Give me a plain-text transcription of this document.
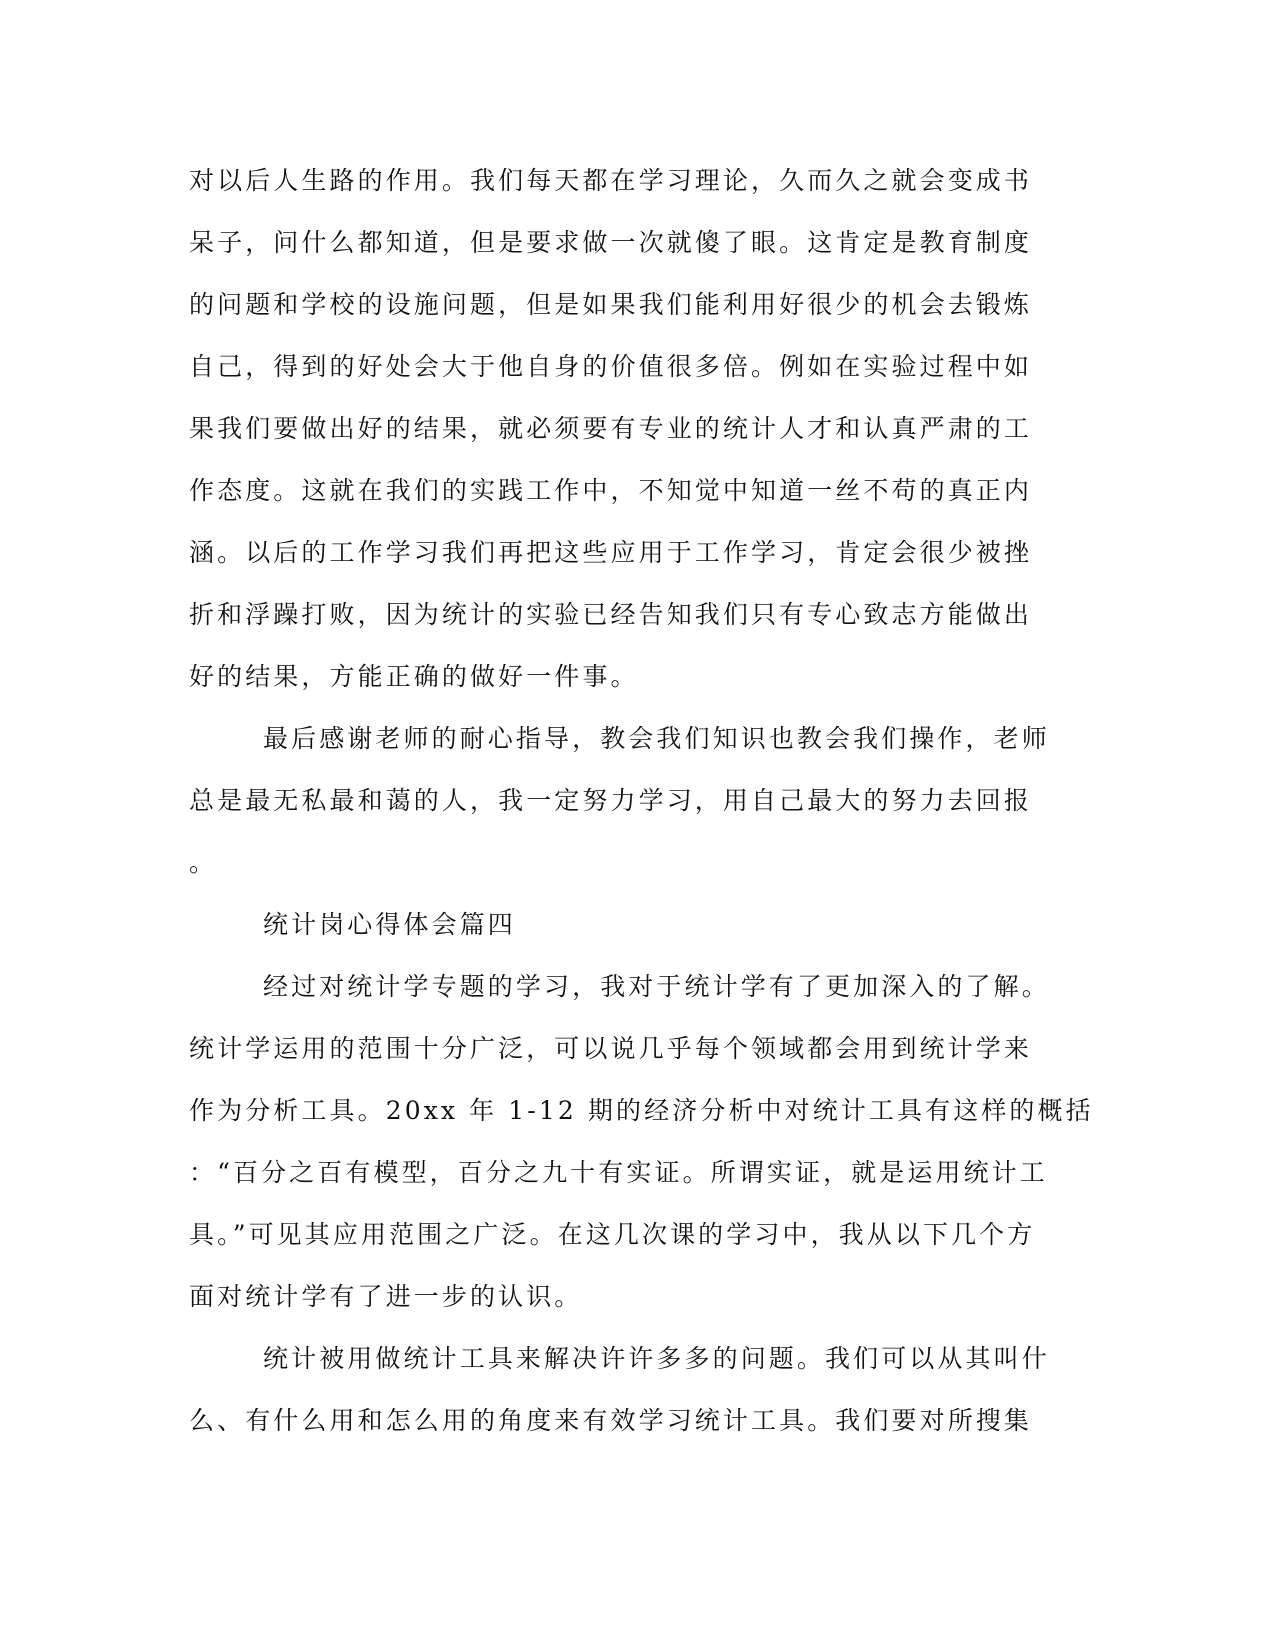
对以后人生路的作用。我们每天都在学习理论，久而久之就会变成书
呆子，问什么都知道，但是要求做一次就傻了眼。这肯定是教育制度
的问题和学校的设施问题，但是如果我们能利用好很少的机会去锻炼
自己，得到的好处会大于他自身的价值很多倍。例如在实验过程中如
果我们要做出好的结果，就必须要有专业的统计人才和认真严肃的工
作态度。这就在我们的实践工作中，不知觉中知道一丝不苟的真正内
涵。以后的工作学习我们再把这些应用于工作学习，肯定会很少被挫
折和浮躁打败，因为统计的实验已经告知我们只有专心致志方能做出
好的结果，方能正确的做好一件事。
最后感谢老师的耐心指导，教会我们知识也教会我们操作，老师
总是最无私最和蔼的人，我一定努力学习，用自己最大的努力去回报
。
统计岗心得体会篇四
经过对统计学专题的学习，我对于统计学有了更加深入的了解。
统计学运用的范围十分广泛，可以说几乎每个领域都会用到统计学来
作为分析工具。20xx 年 1-12 期的经济分析中对统计工具有这样的概括
：“百分之百有模型，百分之九十有实证。所谓实证，就是运用统计工
具。”可见其应用范围之广泛。在这几次课的学习中，我从以下几个方
面对统计学有了进一步的认识。
统计被用做统计工具来解决许许多多的问题。我们可以从其叫什
么、有什么用和怎么用的角度来有效学习统计工具。我们要对所搜集
